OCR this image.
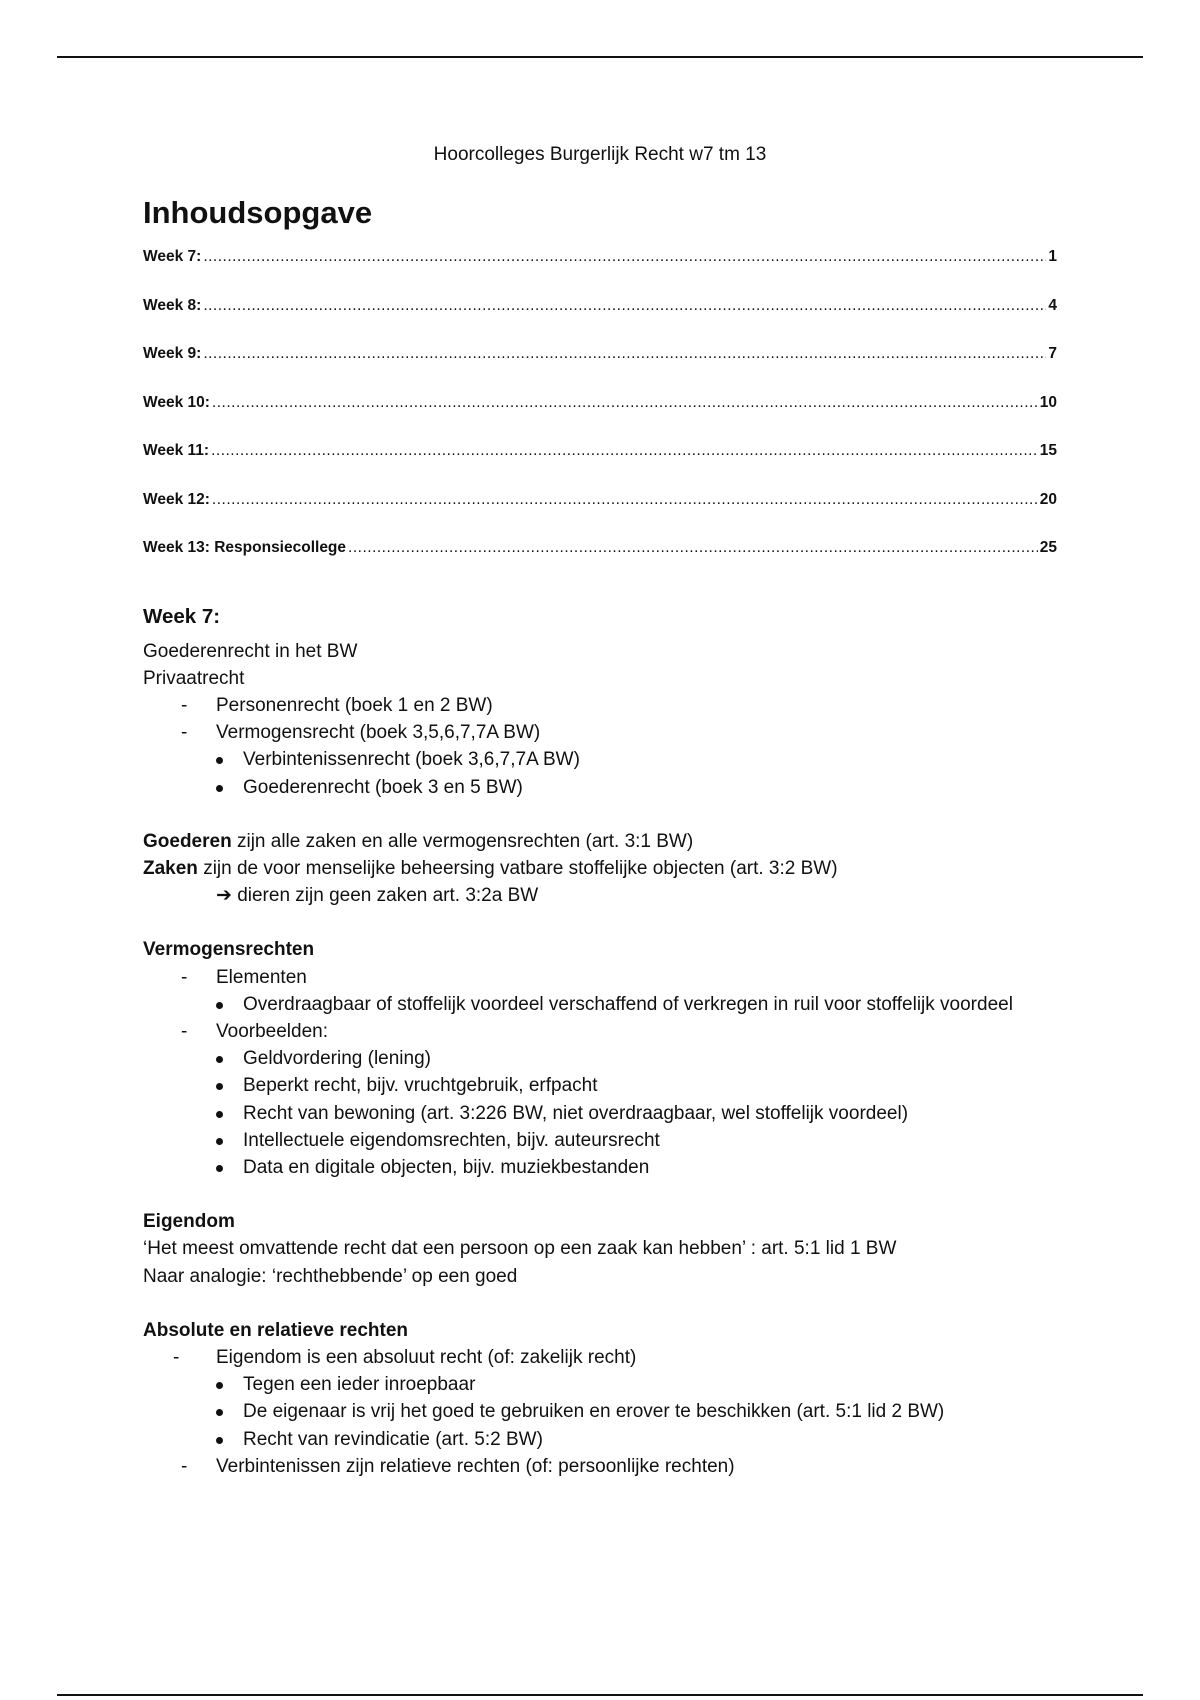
Hoorcolleges Burgerlijk Recht w7 tm 13
Inhoudsopgave
Week 7: .....	1
Week 8: .....	4
Week 9: .....	7
Week 10: .....	10
Week 11: .....	15
Week 12: .....	20
Week 13: Responsiecollege .....	25
Week 7:

Goederenrecht in het BW

Privaatrecht

- Personenrecht (boek 1 en 2 BW)
- Vermogensrecht (boek 3,5,6,7,7A BW)
Verbintenissenrecht (boek 3,6,7,7A BW)
Goederenrecht (boek 3 en 5 BW)

Goederen zijn alle zaken en alle vermogensrechten (art. 3:1 BW)

Zaken zijn de voor menselijke beheersing vatbare stoffelijke objecten (art. 3:2 BW)

➔ dieren zijn geen zaken art. 3:2a BW

Vermogensrechten

- Elementen
Overdraagbaar of stoffelijk voordeel verschaffend of verkregen in ruil voor stoffelijk voordeel
- Voorbeelden:
Geldvordering (lening)
Beperkt recht, bijv. vruchtgebruik, erfpacht
Recht van bewoning (art. 3:226 BW, niet overdraagbaar, wel stoffelijk voordeel)
Intellectuele eigendomsrechten, bijv. auteursrecht
Data en digitale objecten, bijv. muziekbestanden

Eigendom

‘Het meest omvattende recht dat een persoon op een zaak kan hebben’ : art. 5:1 lid 1 BW

Naar analogie: ‘rechthebbende’ op een goed

Absolute en relatieve rechten

- Eigendom is een absoluut recht (of: zakelijk recht)
Tegen een ieder inroepbaar
De eigenaar is vrij het goed te gebruiken en erover te beschikken (art. 5:1 lid 2 BW)
Recht van revindicatie (art. 5:2 BW)
- Verbintenissen zijn relatieve rechten (of: persoonlijke rechten)
